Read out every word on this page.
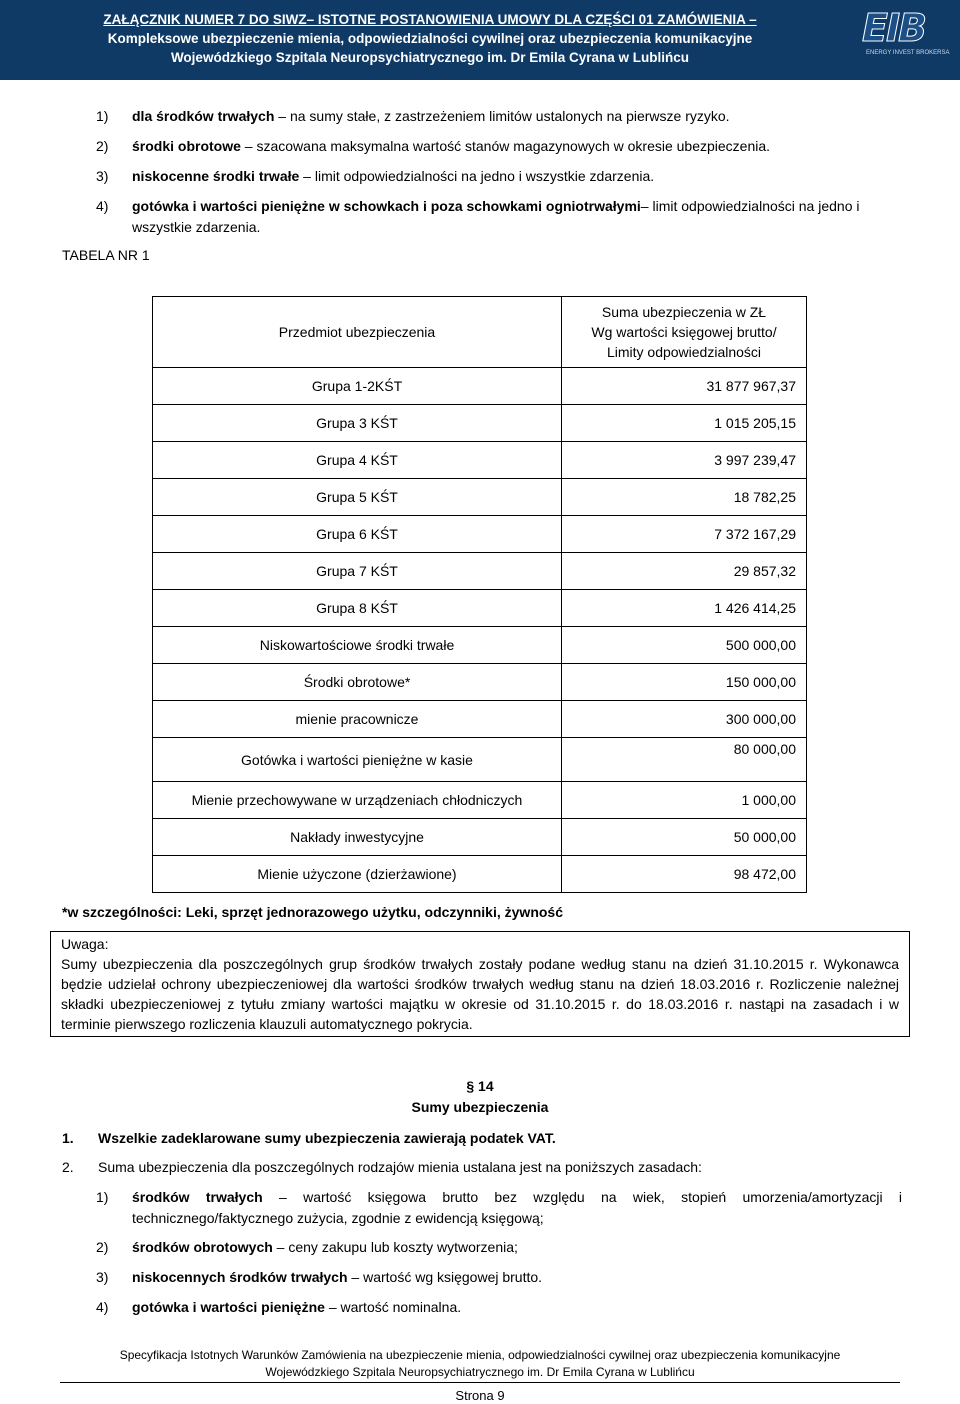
ZAŁĄCZNIK NUMER 7 DO SIWZ– ISTOTNE POSTANOWIENIA UMOWY DLA CZĘŚCI 01 ZAMÓWIENIA –
Kompleksowe ubezpieczenie mienia, odpowiedzialności cywilnej oraz ubezpieczenia komunikacyjne
Wojewódzkiego Szpitala Neuropsychiatrycznego im. Dr Emila Cyrana w Lublińcu
EIB
ENERGY INVEST BROKERSA
1) dla środków trwałych – na sumy stałe, z zastrzeżeniem limitów ustalonych na pierwsze ryzyko.
2) środki obrotowe – szacowana maksymalna wartość stanów magazynowych w okresie ubezpieczenia.
3) niskocenne środki trwałe – limit odpowiedzialności na jedno i wszystkie zdarzenia.
4) gotówka i wartości pieniężne w schowkach i poza schowkami ogniotrwałymi– limit odpowiedzialności na jedno i wszystkie zdarzenia.
TABELA NR 1
Przedmiot ubezpieczenia	Suma ubezpieczenia w ZŁ
Wg wartości księgowej brutto/
Limity odpowiedzialności

Grupa 1-2KŚT	31 877 967,37
Grupa 3 KŚT	1 015 205,15
Grupa 4 KŚT	3 997 239,47
Grupa 5 KŚT	18 782,25
Grupa 6 KŚT	7 372 167,29
Grupa 7 KŚT	29 857,32
Grupa 8 KŚT	1 426 414,25
Niskowartościowe środki trwałe	500 000,00
Środki obrotowe*	150 000,00
mienie pracownicze	300 000,00
Gotówka i wartości pieniężne w kasie	80 000,00
Mienie przechowywane w urządzeniach chłodniczych	1 000,00
Nakłady inwestycyjne	50 000,00
Mienie użyczone (dzierżawione)	98 472,00
*w szczególności: Leki, sprzęt jednorazowego użytku, odczynniki, żywność
Uwaga:
Sumy ubezpieczenia dla poszczególnych grup środków trwałych zostały podane według stanu na dzień 31.10.2015 r. Wykonawca będzie udzielał ochrony ubezpieczeniowej dla wartości środków trwałych według stanu na dzień 18.03.2016 r. Rozliczenie należnej składki ubezpieczeniowej z tytułu zmiany wartości majątku w okresie od 31.10.2015 r. do 18.03.2016 r. nastąpi na zasadach i w terminie pierwszego rozliczenia klauzuli automatycznego pokrycia.
§ 14
Sumy ubezpieczenia
1. Wszelkie zadeklarowane sumy ubezpieczenia zawierają podatek VAT.
2. Suma ubezpieczenia dla poszczególnych rodzajów mienia ustalana jest na poniższych zasadach:
1) środków trwałych – wartość księgowa brutto bez względu na wiek, stopień umorzenia/amortyzacji i technicznego/faktycznego zużycia, zgodnie z ewidencją księgową;
2) środków obrotowych – ceny zakupu lub koszty wytworzenia;
3) niskocennych środków trwałych – wartość wg księgowej brutto.
4) gotówka i wartości pieniężne – wartość nominalna.
Specyfikacja Istotnych Warunków Zamówienia na ubezpieczenie mienia, odpowiedzialności cywilnej oraz ubezpieczenia komunikacyjne
Wojewódzkiego Szpitala Neuropsychiatrycznego im. Dr Emila Cyrana w Lublińcu
Strona 9
